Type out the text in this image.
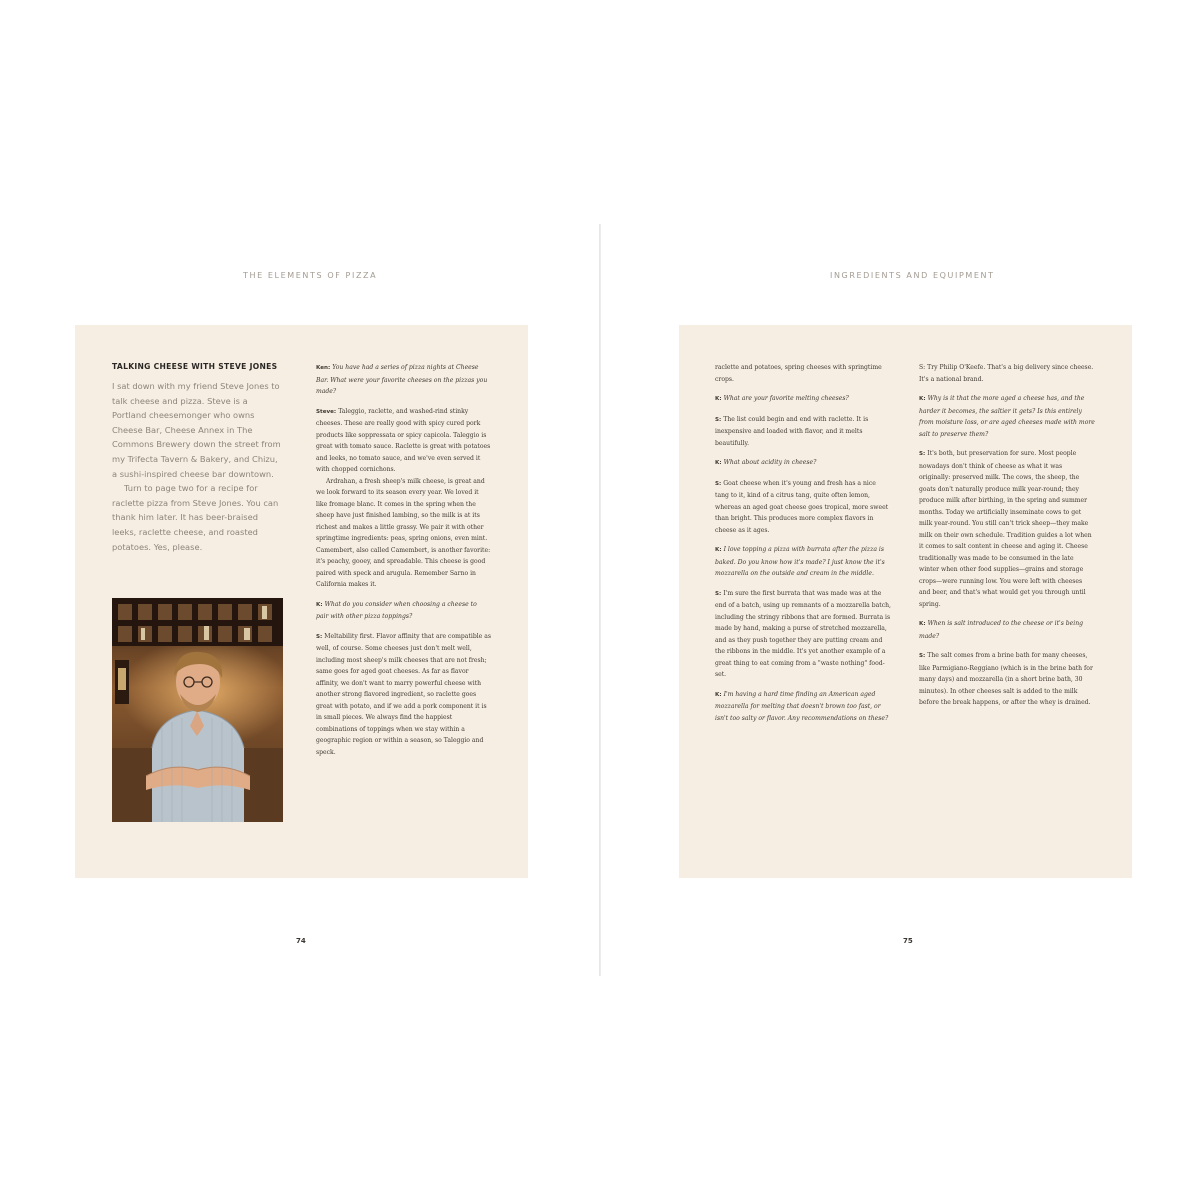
THE ELEMENTS OF PIZZA
TALKING CHEESE WITH STEVE JONES

I sat down with my friend Steve Jones to talk cheese and pizza. Steve is a Portland cheesemonger who owns Cheese Bar, Cheese Annex in The Commons Brewery down the street from my Trifecta Tavern & Bakery, and Chizu, a sushi-inspired cheese bar downtown.

Turn to page two for a recipe for raclette pizza from Steve Jones. You can thank him later. It has beer-braised leeks, raclette cheese, and roasted potatoes. Yes, please.

Ken: You have had a series of pizza nights at Cheese Bar. What were your favorite cheeses on the pizzas you made?

Steve: Taleggio, raclette, and washed-rind stinky cheeses. These are really good with spicy cured pork products like soppressata or spicy capicola. Taleggio is great with tomato sauce. Raclette is great with potatoes and leeks, no tomato sauce, and we've even served it with chopped cornichons.

Ardrahan, a fresh sheep's milk cheese, is great and we look forward to its season every year. We loved it like fromage blanc. It comes in the spring when the sheep have just finished lambing, so the milk is at its richest and makes a little grassy. We pair it with other springtime ingredients: peas, spring onions, even mint. Camembert, also called Camembert, is another favorite: it's peachy, gooey, and spreadable. This cheese is good paired with speck and arugula. Remember Sarno in California makes it.

K: What do you consider when choosing a cheese to pair with other pizza toppings?

S: Meltability first. Flavor affinity that are compatible as well, of course. Some cheeses just don't melt well, including most sheep's milk cheeses that are not fresh; same goes for aged goat cheeses. As far as flavor affinity, we don't want to marry powerful cheese with another strong flavored ingredient, so raclette goes great with potato, and if we add a pork component it is in small pieces. We always find the happiest combinations of toppings when we stay within a geographic region or within a season, so Taleggio and speck.

74
INGREDIENTS AND EQUIPMENT

raclette and potatoes, spring cheeses with springtime crops.

K: What are your favorite melting cheeses?

S: The list could begin and end with raclette. It is inexpensive and loaded with flavor, and it melts beautifully.

K: What about acidity in cheese?

S: Goat cheese when it's young and fresh has a nice tang to it, kind of a citrus tang, quite often lemon, whereas an aged goat cheese goes tropical, more sweet than bright. This produces more complex flavors in cheese as it ages.

K: I love topping a pizza with burrata after the pizza is baked. Do you know how it's made? I just know the it's mozzarella on the outside and cream in the middle.

S: I'm sure the first burrata that was made was at the end of a batch, using up remnants of a mozzarella batch, including the stringy ribbons that are formed. Burrata is made by hand, making a purse of stretched mozzarella, and as they push together they are putting cream and the ribbons in the middle. It's yet another example of a great thing to eat coming from a "waste nothing" food-set.

K: I'm having a hard time finding an American aged mozzarella for melting that doesn't brown too fast, or isn't too salty or flavor. Any recommendations on these?

S: Try Philip O'Keefe. That's a big delivery since cheese. It's a national brand.

K: Why is it that the more aged a cheese has, and the harder it becomes, the saltier it gets? Is this entirely from moisture loss, or are aged cheeses made with more salt to preserve them?

S: It's both, but preservation for sure. Most people nowadays don't think of cheese as what it was originally: preserved milk. The cows, the sheep, the goats don't naturally produce milk year-round; they produce milk after birthing, in the spring and summer months. Today we artificially inseminate cows to get milk year-round. You still can't trick sheep—they make milk on their own schedule. Tradition guides a lot when it comes to salt content in cheese and aging it. Cheese traditionally was made to be consumed in the late winter when other food supplies—grains and storage crops—were running low. You were left with cheeses and beer, and that's what would get you through until spring.

K: When is salt introduced to the cheese or it's being made?

S: The salt comes from a brine bath for many cheeses, like Parmigiano-Reggiano (which is in the brine bath for many days) and mozzarella (in a short brine bath, 30 minutes). In other cheeses salt is added to the milk before the break happens, or after the whey is drained.

75
